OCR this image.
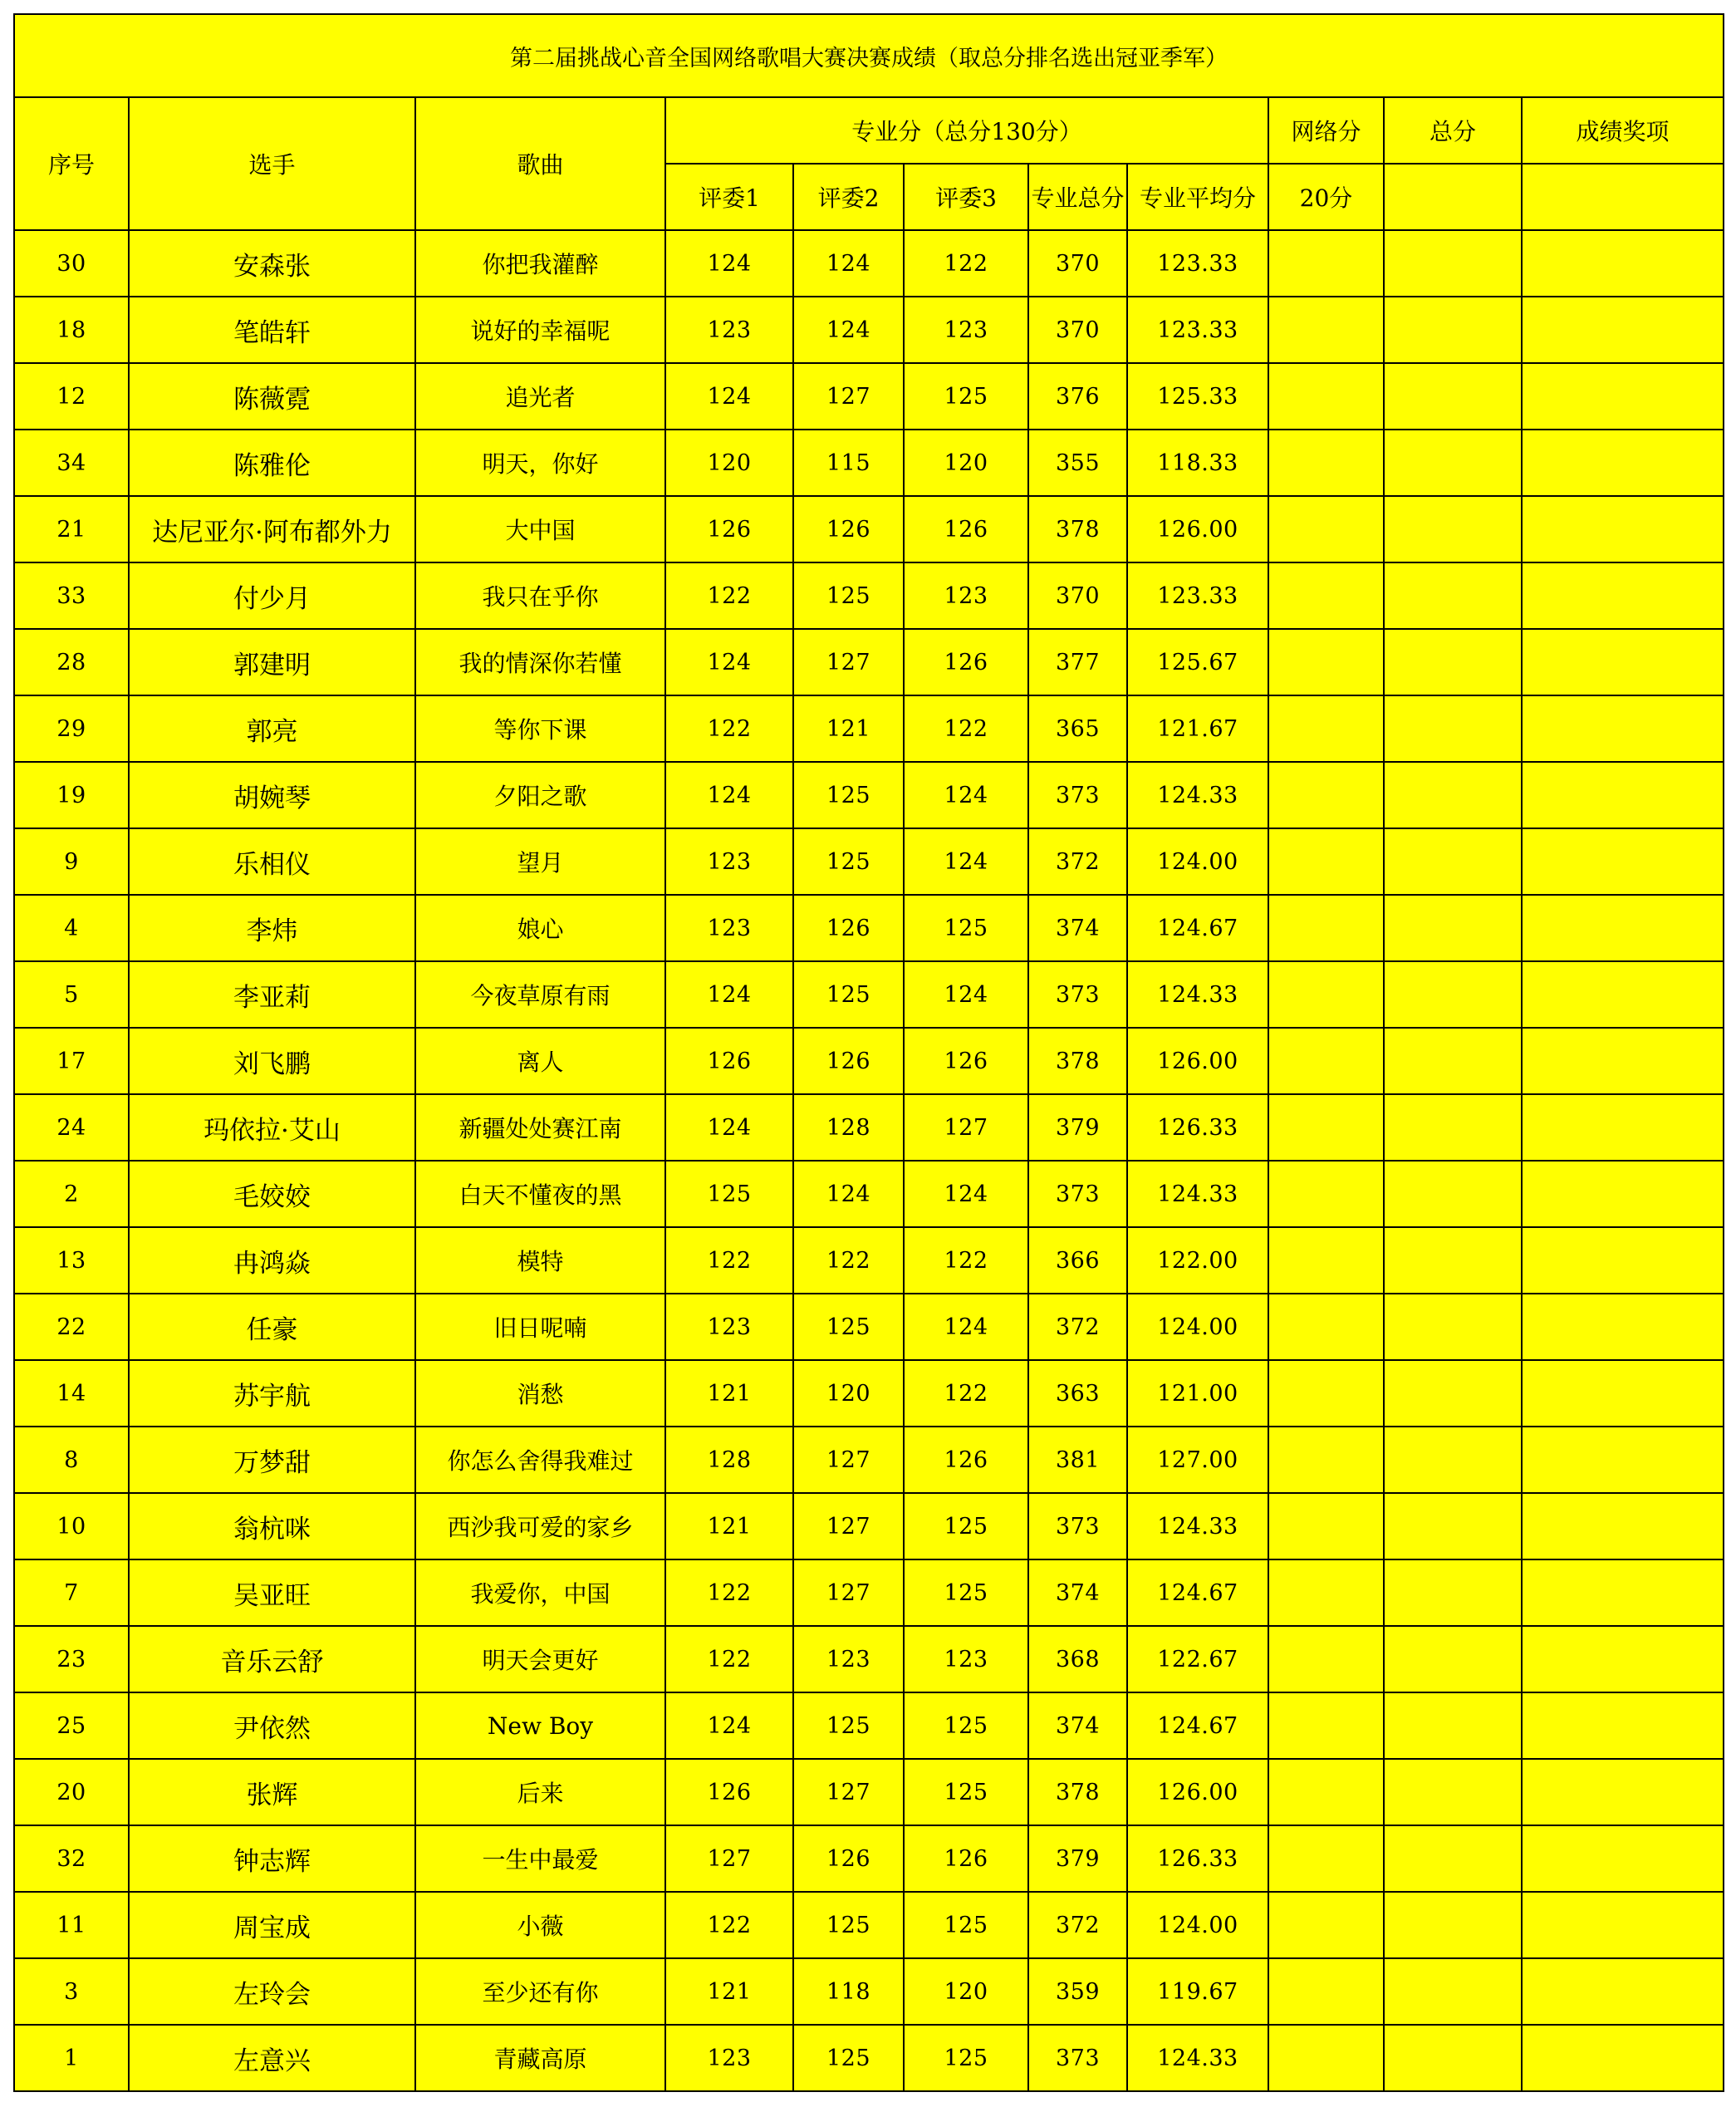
第二届挑战心音全国网络歌唱大赛决赛成绩（取总分排名选出冠亚季军）										
序号	选手	歌曲	专业分（总分130分）					网络分	总分	成绩奖项
			评委1	评委2	评委3	专业总分	专业平均分	20分		
30	安森张	你把我灌醉	124	124	122	370	123.33			
18	笔皓轩	说好的幸福呢	123	124	123	370	123.33			
12	陈薇霓	追光者	124	127	125	376	125.33			
34	陈雅伦	明天，你好	120	115	120	355	118.33			
21	达尼亚尔·阿布都外力	大中国	126	126	126	378	126.00			
33	付少月	我只在乎你	122	125	123	370	123.33			
28	郭建明	我的情深你若懂	124	127	126	377	125.67			
29	郭亮	等你下课	122	121	122	365	121.67			
19	胡婉琴	夕阳之歌	124	125	124	373	124.33			
9	乐相仪	望月	123	125	124	372	124.00			
4	李炜	娘心	123	126	125	374	124.67			
5	李亚莉	今夜草原有雨	124	125	124	373	124.33			
17	刘飞鹏	离人	126	126	126	378	126.00			
24	玛依拉·艾山	新疆处处赛江南	124	128	127	379	126.33			
2	毛姣姣	白天不懂夜的黑	125	124	124	373	124.33			
13	冉鸿焱	模特	122	122	122	366	122.00			
22	任豪	旧日呢喃	123	125	124	372	124.00			
14	苏宇航	消愁	121	120	122	363	121.00			
8	万梦甜	你怎么舍得我难过	128	127	126	381	127.00			
10	翁杭咪	西沙我可爱的家乡	121	127	125	373	124.33			
7	吴亚旺	我爱你，中国	122	127	125	374	124.67			
23	音乐云舒	明天会更好	122	123	123	368	122.67			
25	尹依然	New Boy	124	125	125	374	124.67			
20	张辉	后来	126	127	125	378	126.00			
32	钟志辉	一生中最爱	127	126	126	379	126.33			
11	周宝成	小薇	122	125	125	372	124.00			
3	左玲会	至少还有你	121	118	120	359	119.67			
1	左意兴	青藏高原	123	125	125	373	124.33			
